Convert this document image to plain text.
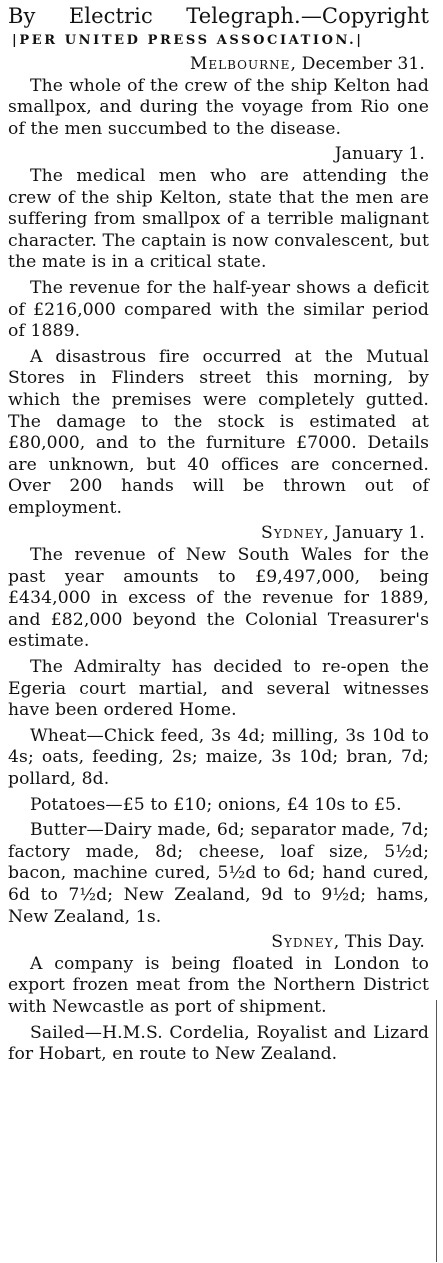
By Electric Telegraph.—Copyright
|PER UNITED PRESS ASSOCIATION.|
Melbourne, December 31.

The whole of the crew of the ship Kelton had smallpox, and during the voyage from Rio one of the men succumbed to the disease.

January 1.

The medical men who are attending the crew of the ship Kelton, state that the men are suffering from smallpox of a terrible malignant character. The captain is now convalescent, but the mate is in a critical state.

The revenue for the half-year shows a deficit of £216,000 compared with the similar period of 1889.

A disastrous fire occurred at the Mutual Stores in Flinders street this morning, by which the premises were completely gutted. The damage to the stock is estimated at £80,000, and to the furniture £7000. Details are unknown, but 40 offices are concerned. Over 200 hands will be thrown out of employment.

Sydney, January 1.

The revenue of New South Wales for the past year amounts to £9,497,000, being £434,000 in excess of the revenue for 1889, and £82,000 beyond the Colonial Treasurer's estimate.

The Admiralty has decided to re-open the Egeria court martial, and several witnesses have been ordered Home.

Wheat—Chick feed, 3s 4d; milling, 3s 10d to 4s; oats, feeding, 2s; maize, 3s 10d; bran, 7d; pollard, 8d.

Potatoes—£5 to £10; onions, £4 10s to £5.

Butter—Dairy made, 6d; separator made, 7d; factory made, 8d; cheese, loaf size, 5½d; bacon, machine cured, 5½d to 6d; hand cured, 6d to 7½d; New Zealand, 9d to 9½d; hams, New Zealand, 1s.

Sydney, This Day.

A company is being floated in London to export frozen meat from the Northern District with Newcastle as port of shipment.

Sailed—H.M.S. Cordelia, Royalist and Lizard for Hobart, en route to New Zealand.
